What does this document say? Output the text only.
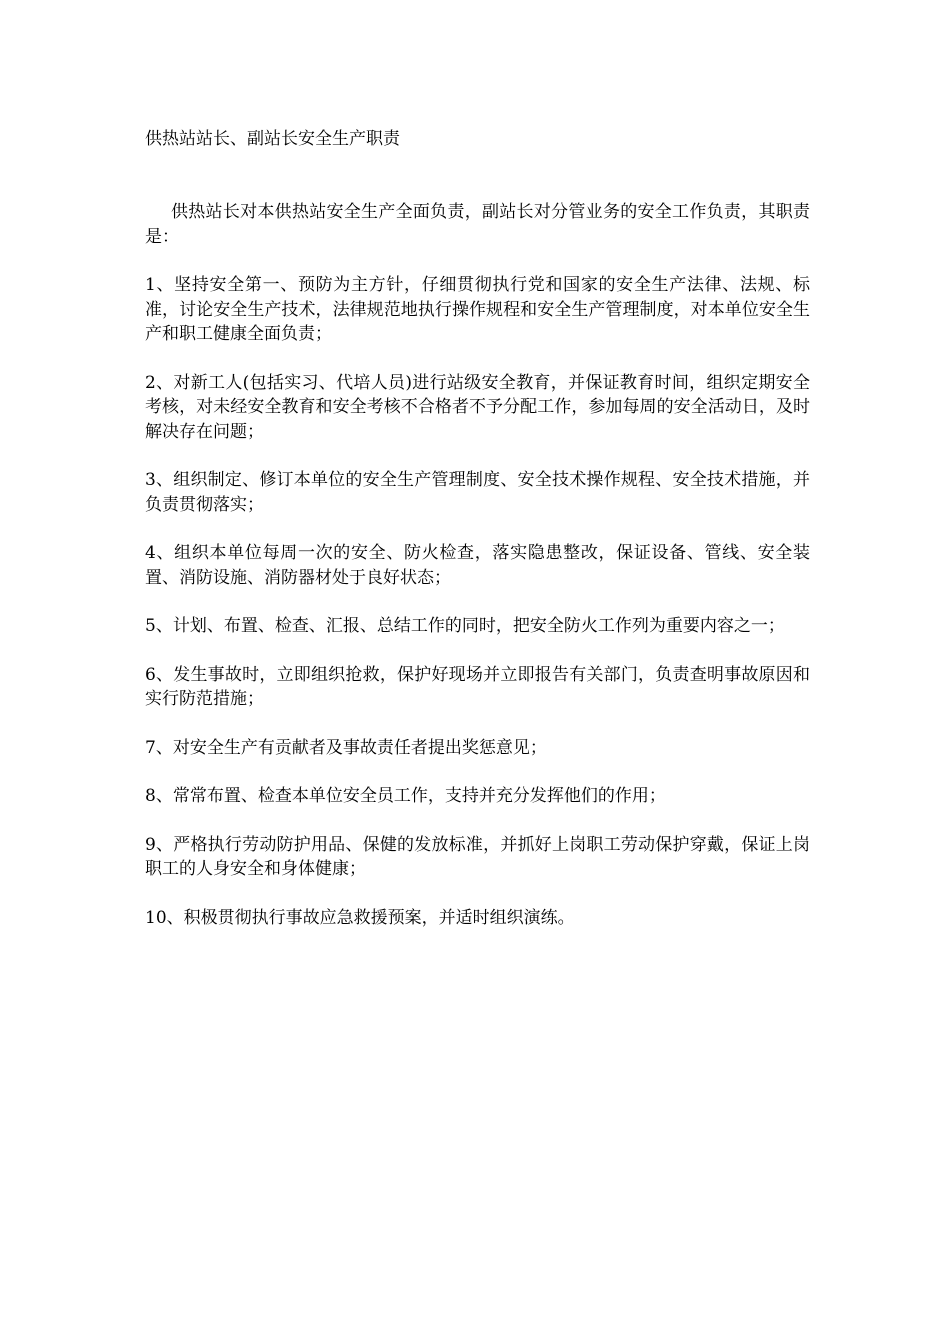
供热站站长、副站长安全生产职责

供热站长对本供热站安全生产全面负责，副站长对分管业务的安全工作负责，其职责是：

1、坚持安全第一、预防为主方针，仔细贯彻执行党和国家的安全生产法律、法规、标准，讨论安全生产技术，法律规范地执行操作规程和安全生产管理制度，对本单位安全生产和职工健康全面负责；

2、对新工人(包括实习、代培人员)进行站级安全教育，并保证教育时间，组织定期安全考核，对未经安全教育和安全考核不合格者不予分配工作，参加每周的安全活动日，及时解决存在问题；

3、组织制定、修订本单位的安全生产管理制度、安全技术操作规程、安全技术措施，并负责贯彻落实；

4、组织本单位每周一次的安全、防火检查，落实隐患整改，保证设备、管线、安全装置、消防设施、消防器材处于良好状态；

5、计划、布置、检查、汇报、总结工作的同时，把安全防火工作列为重要内容之一；

6、发生事故时，立即组织抢救，保护好现场并立即报告有关部门，负责查明事故原因和实行防范措施；

7、对安全生产有贡献者及事故责任者提出奖惩意见；

8、常常布置、检查本单位安全员工作，支持并充分发挥他们的作用；

9、严格执行劳动防护用品、保健的发放标准，并抓好上岗职工劳动保护穿戴，保证上岗职工的人身安全和身体健康；

10、积极贯彻执行事故应急救援预案，并适时组织演练。
